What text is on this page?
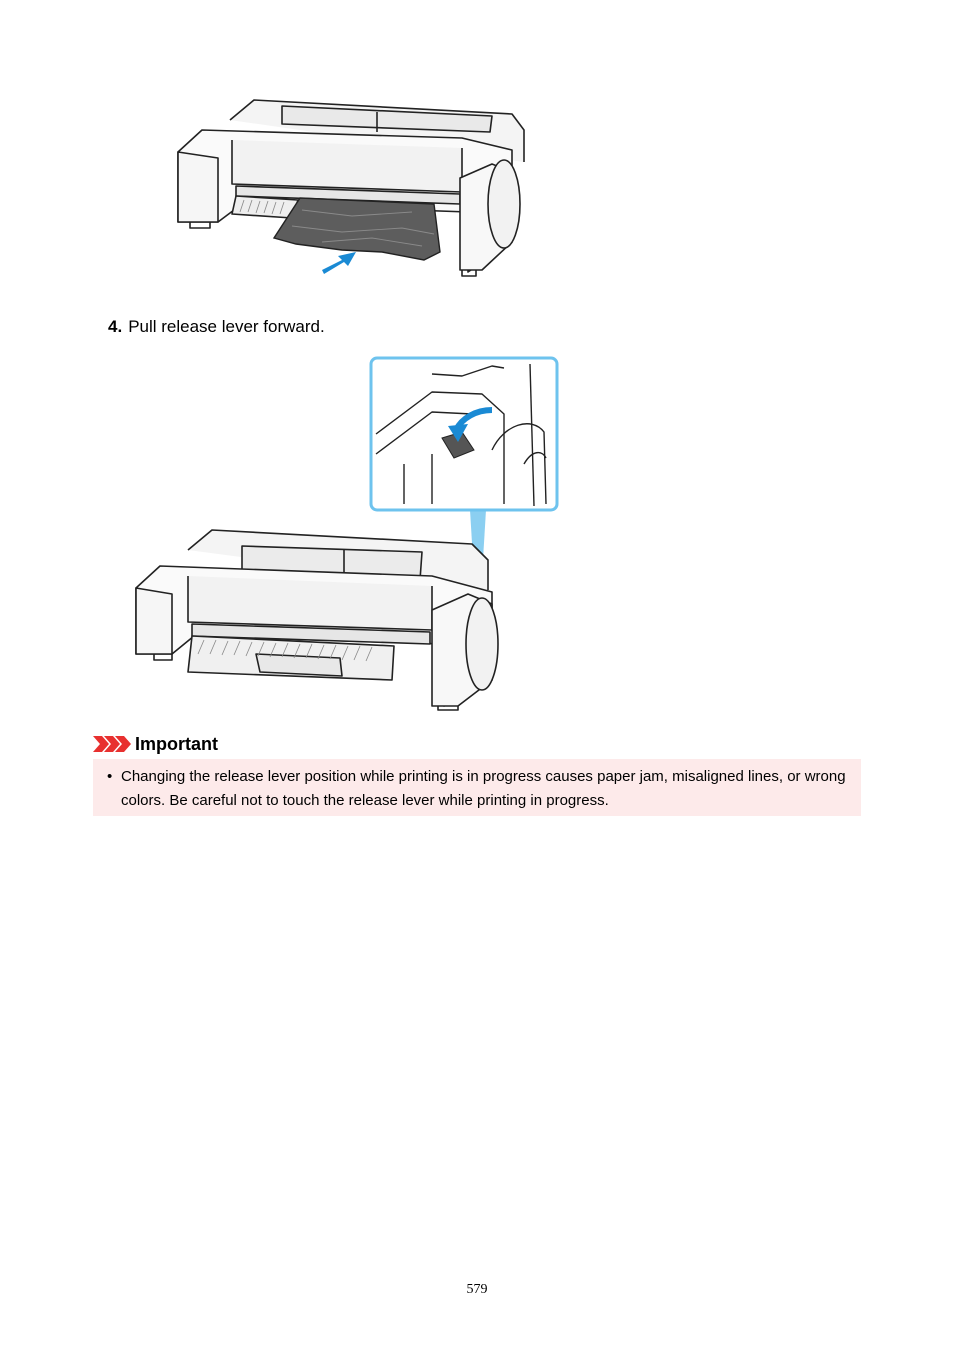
4. Pull release lever forward.
Important
• Changing the release lever position while printing is in progress causes paper jam, misaligned lines, or wrong colors. Be careful not to touch the release lever while printing in progress.
579
